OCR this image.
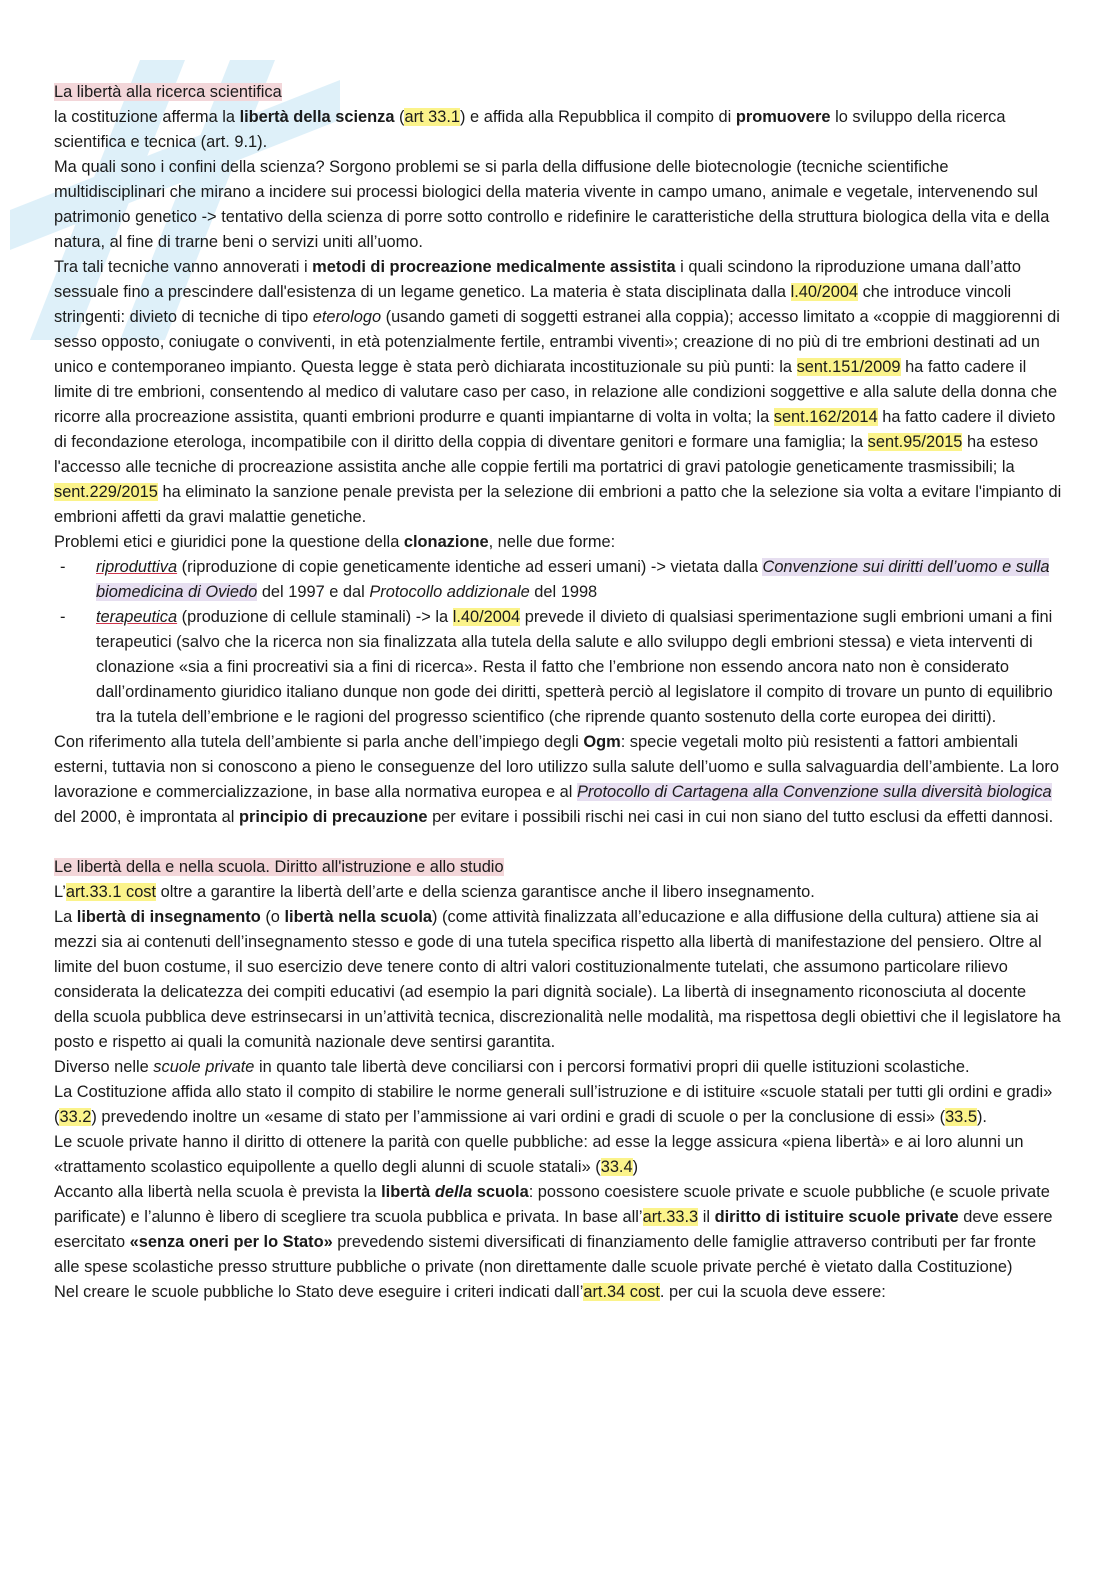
La libertà alla ricerca scientifica

la costituzione afferma la libertà della scienza (art 33.1) e affida alla Repubblica il compito di promuovere lo sviluppo della ricerca scientifica e tecnica (art. 9.1).

Ma quali sono i confini della scienza? Sorgono problemi se si parla della diffusione delle biotecnologie (tecniche scientifiche multidisciplinari che mirano a incidere sui processi biologici della materia vivente in campo umano, animale e vegetale, intervenendo sul patrimonio genetico -> tentativo della scienza di porre sotto controllo e ridefinire le caratteristiche della struttura biologica della vita e della natura, al fine di trarne beni o servizi uniti all’uomo.

Tra tali tecniche vanno annoverati i metodi di procreazione medicalmente assistita i quali scindono la riproduzione umana dall’atto sessuale fino a prescindere dall'esistenza di un legame genetico. La materia è stata disciplinata dalla l.40/2004 che introduce vincoli stringenti: divieto di tecniche di tipo eterologo (usando gameti di soggetti estranei alla coppia); accesso limitato a «coppie di maggiorenni di sesso opposto, coniugate o conviventi, in età potenzialmente fertile, entrambi viventi»; creazione di no più di tre embrioni destinati ad un unico e contemporaneo impianto. Questa legge è stata però dichiarata incostituzionale su più punti: la sent.151/2009 ha fatto cadere il limite di tre embrioni, consentendo al medico di valutare caso per caso, in relazione alle condizioni soggettive e alla salute della donna che ricorre alla procreazione assistita, quanti embrioni produrre e quanti impiantarne di volta in volta; la sent.162/2014 ha fatto cadere il divieto di fecondazione eterologa, incompatibile con il diritto della coppia di diventare genitori e formare una famiglia; la sent.95/2015 ha esteso l'accesso alle tecniche di procreazione assistita anche alle coppie fertili ma portatrici di gravi patologie geneticamente trasmissibili; la sent.229/2015 ha eliminato la sanzione penale prevista per la selezione dii embrioni a patto che la selezione sia volta a evitare l'impianto di embrioni affetti da gravi malattie genetiche.

Problemi etici e giuridici pone la questione della clonazione, nelle due forme:

- riproduttiva (riproduzione di copie geneticamente identiche ad esseri umani) -> vietata dalla Convenzione sui diritti dell’uomo e sulla biomedicina di Oviedo del 1997 e dal Protocollo addizionale del 1998
- terapeutica (produzione di cellule staminali) -> la l.40/2004 prevede il divieto di qualsiasi sperimentazione sugli embrioni umani a fini terapeutici (salvo che la ricerca non sia finalizzata alla tutela della salute e allo sviluppo degli embrioni stessa) e vieta interventi di clonazione «sia a fini procreativi sia a fini di ricerca». Resta il fatto che l’embrione non essendo ancora nato non è considerato dall’ordinamento giuridico italiano dunque non gode dei diritti, spetterà perciò al legislatore il compito di trovare un punto di equilibrio tra la tutela dell’embrione e le ragioni del progresso scientifico (che riprende quanto sostenuto della corte europea dei diritti).

Con riferimento alla tutela dell’ambiente si parla anche dell’impiego degli Ogm: specie vegetali molto più resistenti a fattori ambientali esterni, tuttavia non si conoscono a pieno le conseguenze del loro utilizzo sulla salute dell’uomo e sulla salvaguardia dell’ambiente. La loro lavorazione e commercializzazione, in base alla normativa europea e al Protocollo di Cartagena alla Convenzione sulla diversità biologica del 2000, è improntata al principio di precauzione per evitare i possibili rischi nei casi in cui non siano del tutto esclusi da effetti dannosi.

Le libertà della e nella scuola. Diritto all'istruzione e allo studio

L’art.33.1 cost oltre a garantire la libertà dell’arte e della scienza garantisce anche il libero insegnamento.

La libertà di insegnamento (o libertà nella scuola) (come attività finalizzata all’educazione e alla diffusione della cultura) attiene sia ai mezzi sia ai contenuti dell’insegnamento stesso e gode di una tutela specifica rispetto alla libertà di manifestazione del pensiero. Oltre al limite del buon costume, il suo esercizio deve tenere conto di altri valori costituzionalmente tutelati, che assumono particolare rilievo considerata la delicatezza dei compiti educativi (ad esempio la pari dignità sociale). La libertà di insegnamento riconosciuta al docente della scuola pubblica deve estrinsecarsi in un’attività tecnica, discrezionalità nelle modalità, ma rispettosa degli obiettivi che il legislatore ha posto e rispetto ai quali la comunità nazionale deve sentirsi garantita.

Diverso nelle scuole private in quanto tale libertà deve conciliarsi con i percorsi formativi propri dii quelle istituzioni scolastiche.

La Costituzione affida allo stato il compito di stabilire le norme generali sull’istruzione e di istituire «scuole statali per tutti gli ordini e gradi» (33.2) prevedendo inoltre un «esame di stato per l’ammissione ai vari ordini e gradi di scuole o per la conclusione di essi» (33.5).

Le scuole private hanno il diritto di ottenere la parità con quelle pubbliche: ad esse la legge assicura «piena libertà» e ai loro alunni un «trattamento scolastico equipollente a quello degli alunni di scuole statali» (33.4)

Accanto alla libertà nella scuola è prevista la libertà della scuola: possono coesistere scuole private e scuole pubbliche (e scuole private parificate) e l’alunno è libero di scegliere tra scuola pubblica e privata. In base all’art.33.3 il diritto di istituire scuole private deve essere esercitato «senza oneri per lo Stato» prevedendo sistemi diversificati di finanziamento delle famiglie attraverso contributi per far fronte alle spese scolastiche presso strutture pubbliche o private (non direttamente dalle scuole private perché è vietato dalla Costituzione)

Nel creare le scuole pubbliche lo Stato deve eseguire i criteri indicati dall’art.34 cost. per cui la scuola deve essere:
